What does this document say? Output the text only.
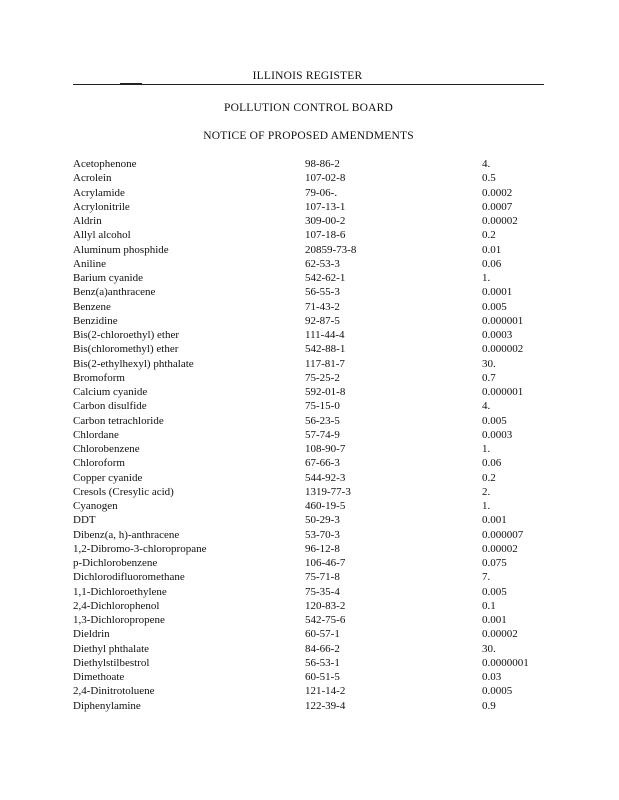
ILLINOIS REGISTER
POLLUTION CONTROL BOARD
NOTICE OF PROPOSED AMENDMENTS
Acetophenone	98-86-2	4.
Acrolein	107-02-8	0.5
Acrylamide	79-06-.	0.0002
Acrylonitrile	107-13-1	0.0007
Aldrin	309-00-2	0.00002
Allyl alcohol	107-18-6	0.2
Aluminum phosphide	20859-73-8	0.01
Aniline	62-53-3	0.06
Barium cyanide	542-62-1	1.
Benz(a)anthracene	56-55-3	0.0001
Benzene	71-43-2	0.005
Benzidine	92-87-5	0.000001
Bis(2-chloroethyl) ether	111-44-4	0.0003
Bis(chloromethyl) ether	542-88-1	0.000002
Bis(2-ethylhexyl) phthalate	117-81-7	30.
Bromoform	75-25-2	0.7
Calcium cyanide	592-01-8	0.000001
Carbon disulfide	75-15-0	4.
Carbon tetrachloride	56-23-5	0.005
Chlordane	57-74-9	0.0003
Chlorobenzene	108-90-7	1.
Chloroform	67-66-3	0.06
Copper cyanide	544-92-3	0.2
Cresols (Cresylic acid)	1319-77-3	2.
Cyanogen	460-19-5	1.
DDT	50-29-3	0.001
Dibenz(a, h)-anthracene	53-70-3	0.000007
1,2-Dibromo-3-chloropropane	96-12-8	0.00002
p-Dichlorobenzene	106-46-7	0.075
Dichlorodifluoromethane	75-71-8	7.
1,1-Dichloroethylene	75-35-4	0.005
2,4-Dichlorophenol	120-83-2	0.1
1,3-Dichloropropene	542-75-6	0.001
Dieldrin	60-57-1	0.00002
Diethyl phthalate	84-66-2	30.
Diethylstilbestrol	56-53-1	0.0000001
Dimethoate	60-51-5	0.03
2,4-Dinitrotoluene	121-14-2	0.0005
Diphenylamine	122-39-4	0.9
